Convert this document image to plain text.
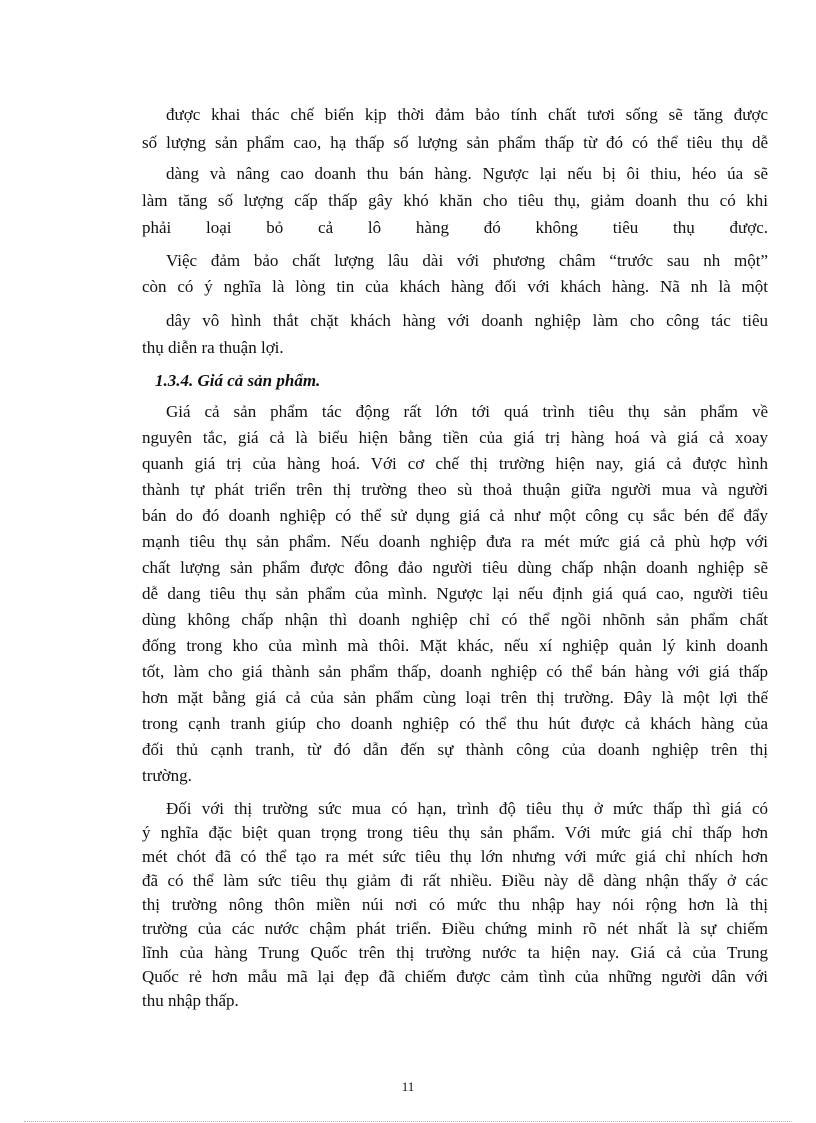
được khai thác chế biến kịp thời đảm bảo tính chất tươi sống sẽ tăng được
số lượng sản phẩm cao, hạ thấp số lượng sản phẩm thấp từ đó có thể tiêu thụ dễ
dàng và nâng cao doanh thu bán hàng. Ngược lại nếu bị ôi thiu, héo úa sẽ
làm tăng số lượng cấp thấp gây khó khăn cho tiêu thụ, giảm doanh thu có khi
phải loại bỏ cả lô hàng đó không tiêu thụ được.
Việc đảm bảo chất lượng lâu dài với phương châm “trước sau nh một”
còn có ý nghĩa là lòng tin của khách hàng đối với khách hàng. Nã nh là một
dây vô hình thắt chặt khách hàng với doanh nghiệp làm cho công tác tiêu
thụ diễn ra thuận lợi.
1.3.4. Giá cả sản phẩm.
Giá cả sản phẩm tác động rất lớn tới quá trình tiêu thụ sản phẩm về
nguyên tắc, giá cả là biểu hiện bằng tiền của giá trị hàng hoá và giá cả xoay
quanh giá trị của hàng hoá. Với cơ chế thị trường hiện nay, giá cả được hình
thành tự phát triển trên thị trường theo sù thoả thuận giữa người mua và người
bán do đó doanh nghiệp có thể sử dụng giá cả như một công cụ sắc bén để đẩy
mạnh tiêu thụ sản phẩm. Nếu doanh nghiệp đưa ra mét mức giá cả phù hợp với
chất lượng sản phẩm được đông đảo người tiêu dùng chấp nhận doanh nghiệp sẽ
dễ dang tiêu thụ sản phẩm của mình. Ngược lại nếu định giá quá cao, người tiêu
dùng không chấp nhận thì doanh nghiệp chỉ có thể ngồi nhõnh sản phẩm chất
đống trong kho của mình mà thôi. Mặt khác, nếu xí nghiệp quản lý kinh doanh
tốt, làm cho giá thành sản phẩm thấp, doanh nghiệp có thể bán hàng với giá thấp
hơn mặt bằng giá cả của sản phẩm cùng loại trên thị trường. Đây là một lợi thế
trong cạnh tranh giúp cho doanh nghiệp có thể thu hút được cả khách hàng của
đối thủ cạnh tranh, từ đó dẫn đến sự thành công của doanh nghiệp trên thị
trường.
Đối với thị trường sức mua có hạn, trình độ tiêu thụ ở mức thấp thì giá có
ý nghĩa đặc biệt quan trọng trong tiêu thụ sản phẩm. Với mức giá chỉ thấp hơn
mét chót đã có thể tạo ra mét sức tiêu thụ lớn nhưng với mức giá chỉ nhích hơn
đã có thể làm sức tiêu thụ giảm đi rất nhiều. Điều này dễ dàng nhận thấy ở các
thị trường nông thôn miền núi nơi có mức thu nhập hay nói rộng hơn là thị
trường của các nước chậm phát triển. Điều chứng minh rõ nét nhất là sự chiếm
lĩnh của hàng Trung Quốc trên thị trường nước ta hiện nay. Giá cả của Trung
Quốc rẻ hơn mẫu mã lại đẹp đã chiếm được cảm tình của những người dân với
thu nhập thấp.
11
